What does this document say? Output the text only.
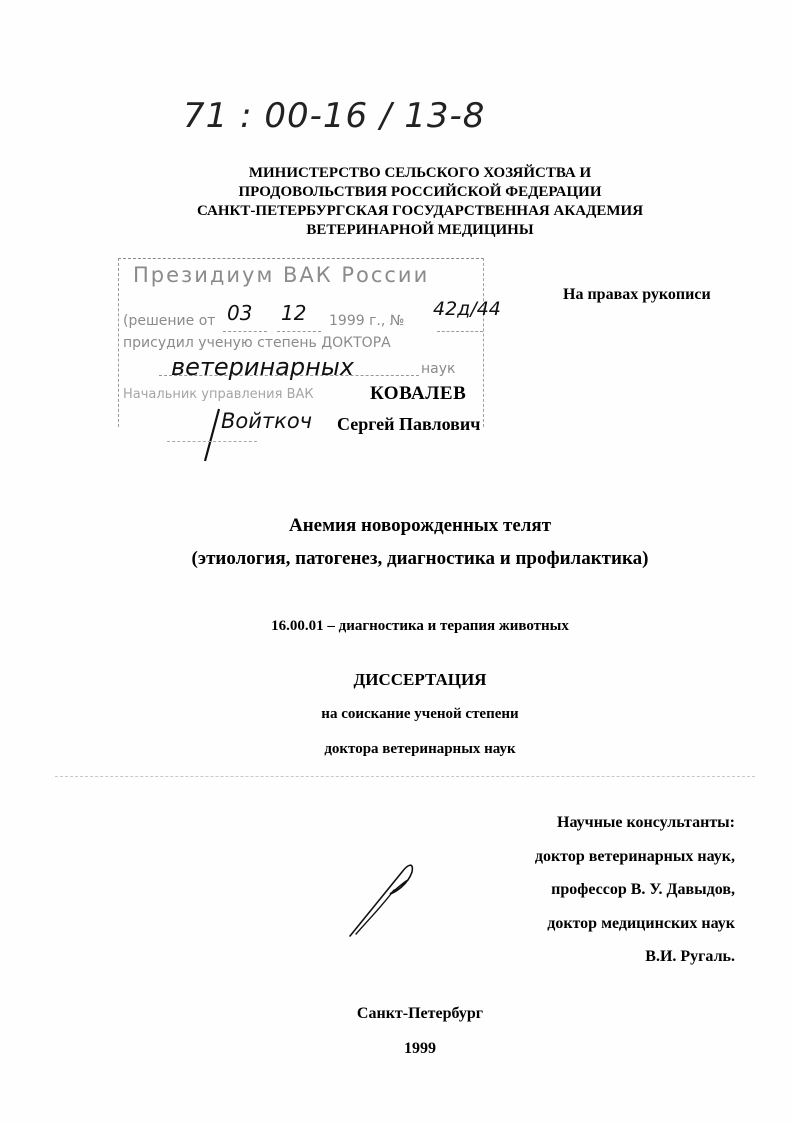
71 : 00-16 / 13-8
МИНИСТЕРСТВО СЕЛЬСКОГО ХОЗЯЙСТВА И
ПРОДОВОЛЬСТВИЯ РОССИЙСКОЙ ФЕДЕРАЦИИ
САНКТ-ПЕТЕРБУРГСКАЯ ГОСУДАРСТВЕННАЯ АКАДЕМИЯ
ВЕТЕРИНАРНОЙ МЕДИЦИНЫ
Президиум ВАК России
(решение от 03 12 1999 г., №
42д/44
присудил ученую степень ДОКТОРА
ветеринарных	наук
Начальник управления ВАК
Войткоч
На правах рукописи
КОВАЛЕВ
Сергей Павлович
Анемия новорожденных телят
(этиология, патогенез, диагностика и профилактика)
16.00.01 – диагностика и терапия животных
ДИССЕРТАЦИЯ
на соискание ученой степени
доктора ветеринарных наук
Научные консультанты:
доктор ветеринарных наук,
профессор В. У. Давыдов,
доктор медицинских наук
В.И. Ругаль.
Санкт-Петербург
1999
